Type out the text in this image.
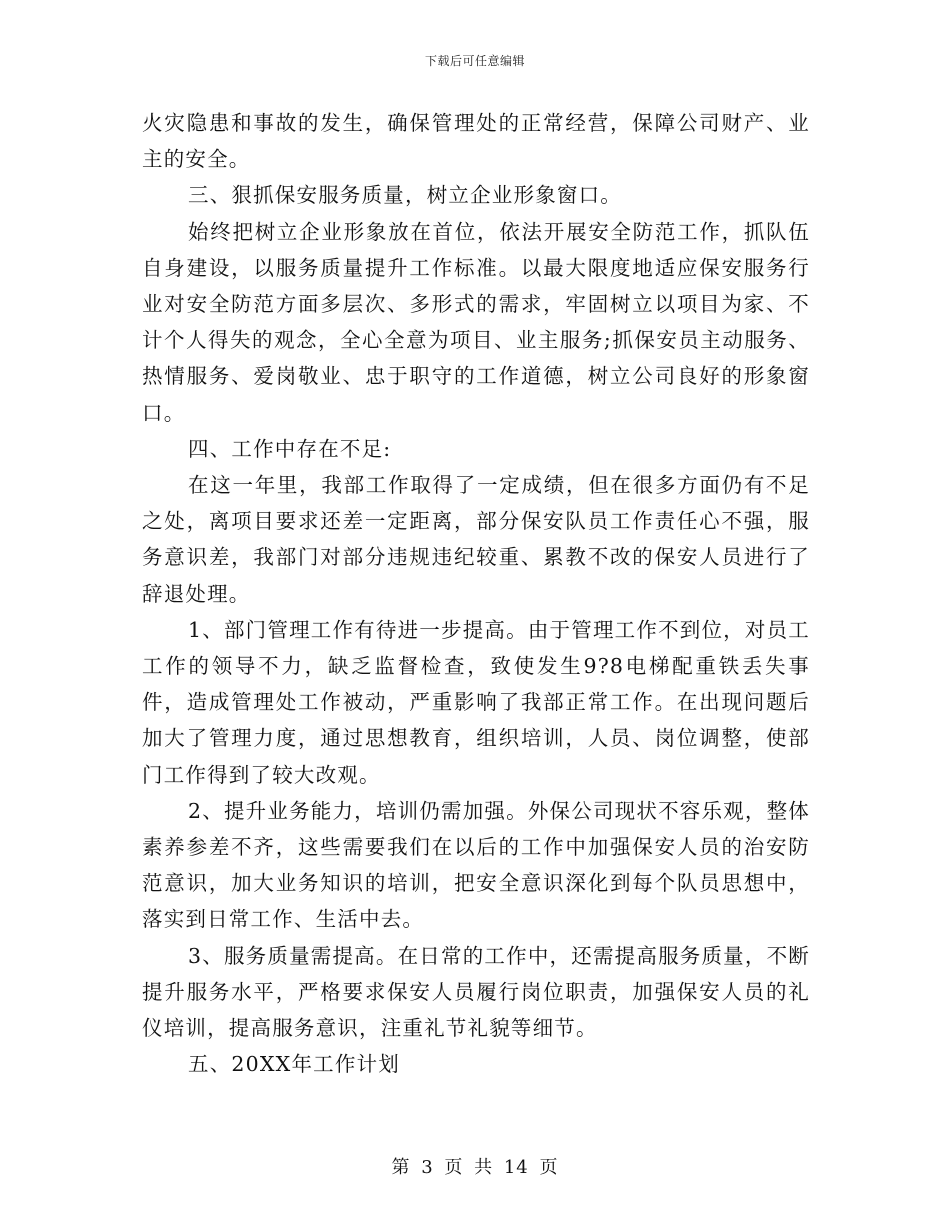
下载后可任意编辑

火灾隐患和事故的发生，确保管理处的正常经营，保障公司财产、业主的安全。

三、狠抓保安服务质量，树立企业形象窗口。

始终把树立企业形象放在首位，依法开展安全防范工作，抓队伍自身建设，以服务质量提升工作标准。以最大限度地适应保安服务行业对安全防范方面多层次、多形式的需求，牢固树立以项目为家、不计个人得失的观念，全心全意为项目、业主服务;抓保安员主动服务、热情服务、爱岗敬业、忠于职守的工作道德，树立公司良好的形象窗口。

四、工作中存在不足:

在这一年里，我部工作取得了一定成绩，但在很多方面仍有不足之处，离项目要求还差一定距离，部分保安队员工作责任心不强，服务意识差，我部门对部分违规违纪较重、累教不改的保安人员进行了辞退处理。

1、部门管理工作有待进一步提高。由于管理工作不到位，对员工工作的领导不力，缺乏监督检查，致使发生9?8电梯配重铁丢失事件，造成管理处工作被动，严重影响了我部正常工作。在出现问题后加大了管理力度，通过思想教育，组织培训，人员、岗位调整，使部门工作得到了较大改观。

2、提升业务能力，培训仍需加强。外保公司现状不容乐观，整体素养参差不齐，这些需要我们在以后的工作中加强保安人员的治安防范意识，加大业务知识的培训，把安全意识深化到每个队员思想中，落实到日常工作、生活中去。

3、服务质量需提高。在日常的工作中，还需提高服务质量，不断提升服务水平，严格要求保安人员履行岗位职责，加强保安人员的礼仪培训，提高服务意识，注重礼节礼貌等细节。

五、20XX年工作计划

第 3 页 共 14 页
